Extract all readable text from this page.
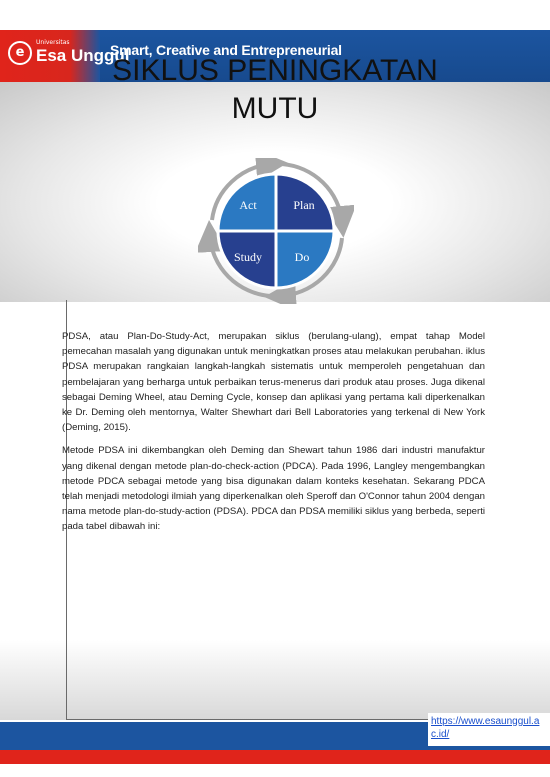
e
Universitas
Esa Unggul
Smart, Creative and Entrepreneurial
SIKLUS PENINGKATAN MUTU
Act	Plan
Study	Do

PDSA, atau Plan-Do-Study-Act, merupakan siklus (berulang-ulang), empat tahap Model pemecahan masalah yang digunakan untuk meningkatkan proses atau melakukan perubahan. iklus PDSA merupakan rangkaian langkah-langkah sistematis untuk memperoleh pengetahuan dan pembelajaran yang berharga untuk perbaikan terus-menerus dari produk atau proses. Juga dikenal sebagai Deming Wheel, atau Deming Cycle, konsep dan aplikasi yang pertama kali diperkenalkan ke Dr. Deming oleh mentornya, Walter Shewhart dari Bell Laboratories yang terkenal di New York (Deming, 2015).

Metode PDSA ini dikembangkan oleh Deming dan Shewart tahun 1986 dari industri manufaktur yang dikenal dengan metode plan-do-check-action (PDCA). Pada 1996, Langley mengembangkan metode PDCA sebagai metode yang bisa digunakan dalam konteks kesehatan. Sekarang PDCA telah menjadi metodologi ilmiah yang diperkenalkan oleh Speroff dan O'Connor tahun 2004 dengan nama metode plan-do-study-action (PDSA). PDCA dan PDSA memiliki siklus yang berbeda, seperti pada tabel dibawah ini:

https://www.esaunggul.ac.id/
